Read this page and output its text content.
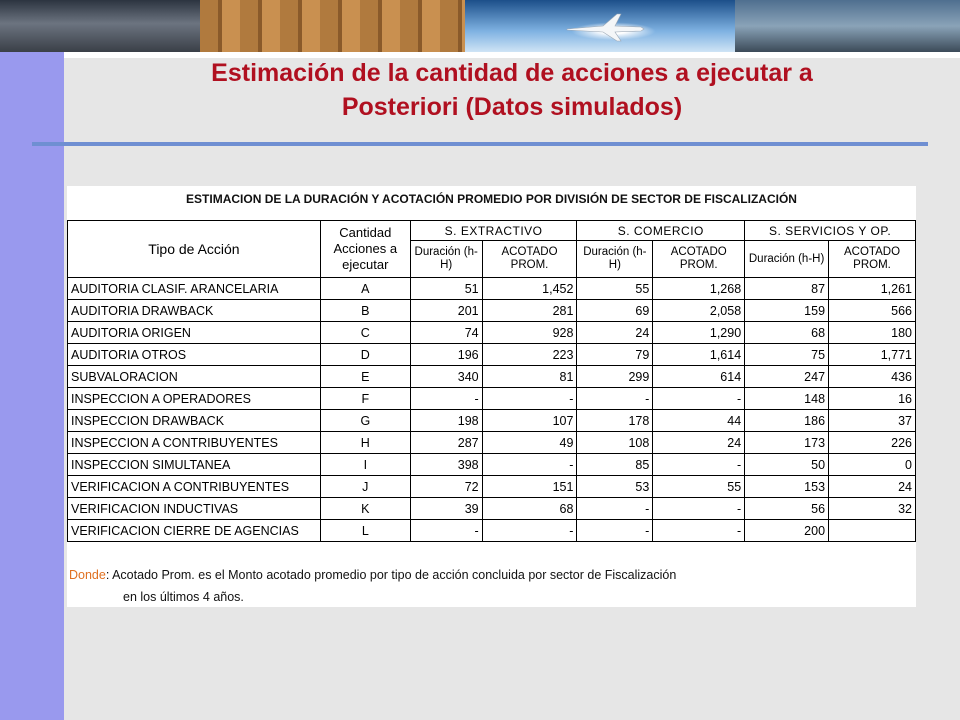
Estimación de la cantidad de acciones a ejecutar a
Posteriori (Datos simulados)
ESTIMACION DE LA DURACIÓN Y ACOTACIÓN PROMEDIO POR DIVISIÓN DE SECTOR DE FISCALIZACIÓN
Tipo de Acción	Cantidad Acciones a ejecutar	S. EXTRACTIVO		S. COMERCIO		S. SERVICIOS Y OP.	
		Duración (h-H)	ACOTADO PROM.	Duración (h-H)	ACOTADO PROM.	Duración (h-H)	ACOTADO PROM.
AUDITORIA CLASIF. ARANCELARIA	A	51	1,452	55	1,268	87	1,261
AUDITORIA DRAWBACK	B	201	281	69	2,058	159	566
AUDITORIA ORIGEN	C	74	928	24	1,290	68	180
AUDITORIA OTROS	D	196	223	79	1,614	75	1,771
SUBVALORACION	E	340	81	299	614	247	436
INSPECCION A OPERADORES	F	-	-	-	-	148	16
INSPECCION DRAWBACK	G	198	107	178	44	186	37
INSPECCION A CONTRIBUYENTES	H	287	49	108	24	173	226
INSPECCION SIMULTANEA	I	398	-	85	-	50	0
VERIFICACION A CONTRIBUYENTES	J	72	151	53	55	153	24
VERIFICACION INDUCTIVAS	K	39	68	-	-	56	32
VERIFICACION CIERRE DE AGENCIAS	L	-	-	-	-	200	
Donde: Acotado Prom. es el Monto acotado promedio por tipo de acción concluida por sector de Fiscalización
en los últimos 4 años.
